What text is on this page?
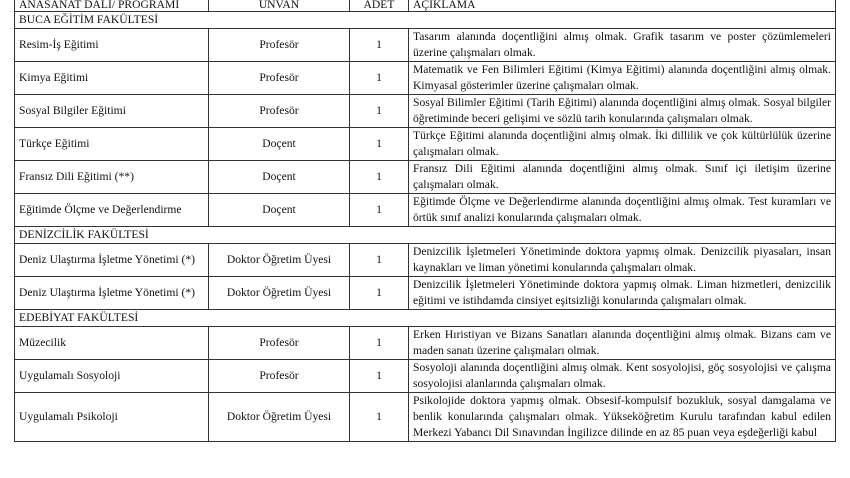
ANASANAT DALI/ PROGRAMI	UNVAN	ADET	AÇIKLAMA
BUCA EĞİTİM FAKÜLTESİ			
Resim-İş Eğitimi	Profesör	1	Tasarım alanında doçentliğini almış olmak. Grafik tasarım ve poster çözümlemeleri üzerine çalışmaları olmak.
Kimya Eğitimi	Profesör	1	Matematik ve Fen Bilimleri Eğitimi (Kimya Eğitimi) alanında doçentliğini almış olmak. Kimyasal gösterimler üzerine çalışmaları olmak.
Sosyal Bilgiler Eğitimi	Profesör	1	Sosyal Bilimler Eğitimi (Tarih Eğitimi) alanında doçentliğini almış olmak. Sosyal bilgiler öğretiminde beceri gelişimi ve sözlü tarih konularında çalışmaları olmak.
Türkçe Eğitimi	Doçent	1	Türkçe Eğitimi alanında doçentliğini almış olmak. İki dillilik ve çok kültürlülük üzerine çalışmaları olmak.
Fransız Dili Eğitimi (**)	Doçent	1	Fransız Dili Eğitimi alanında doçentliğini almış olmak. Sınıf içi iletişim üzerine çalışmaları olmak.
Eğitimde Ölçme ve Değerlendirme	Doçent	1	Eğitimde Ölçme ve Değerlendirme alanında doçentliğini almış olmak. Test kuramları ve örtük sınıf analizi konularında çalışmaları olmak.
DENİZCİLİK FAKÜLTESİ			
Deniz Ulaştırma İşletme Yönetimi (*)	Doktor Öğretim Üyesi	1	Denizcilik İşletmeleri Yönetiminde doktora yapmış olmak. Denizcilik piyasaları, insan kaynakları ve liman yönetimi konularında çalışmaları olmak.
Deniz Ulaştırma İşletme Yönetimi (*)	Doktor Öğretim Üyesi	1	Denizcilik İşletmeleri Yönetiminde doktora yapmış olmak. Liman hizmetleri, denizcilik eğitimi ve istihdamda cinsiyet eşitsizliği konularında çalışmaları olmak.
EDEBİYAT FAKÜLTESİ			
Müzecilik	Profesör	1	Erken Hıristiyan ve Bizans Sanatları alanında doçentliğini almış olmak. Bizans cam ve maden sanatı üzerine çalışmaları olmak.
Uygulamalı Sosyoloji	Profesör	1	Sosyoloji alanında doçentliğini almış olmak. Kent sosyolojisi, göç sosyolojisi ve çalışma sosyolojisi alanlarında çalışmaları olmak.
Uygulamalı Psikoloji	Doktor Öğretim Üyesi	1	Psikolojide doktora yapmış olmak. Obsesif-kompulsif bozukluk, sosyal damgalama ve benlik konularında çalışmaları olmak. Yükseköğretim Kurulu tarafından kabul edilen Merkezi Yabancı Dil Sınavından İngilizce dilinde en az 85 puan veya eşdeğerliği kabul
